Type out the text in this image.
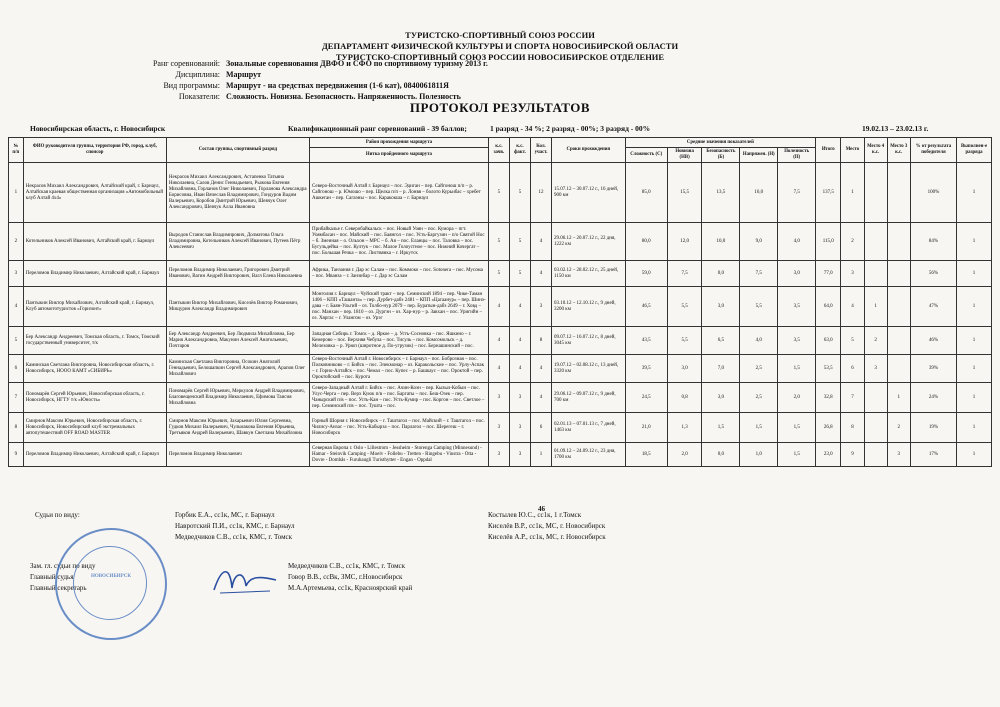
ТУРИСТСКО-СПОРТИВНЫЙ СОЮЗ РОССИИ
ДЕПАРТАМЕНТ ФИЗИЧЕСКОЙ КУЛЬТУРЫ И СПОРТА НОВОСИБИРСКОЙ ОБЛАСТИ
ТУРИСТСКО-СПОРТИВНЫЙ СОЮЗ РОССИИ НОВОСИБИРСКОЕ ОТДЕЛЕНИЕ
Ранг соревнований: Зональные соревнования ДВФО и СФО по спортивному туризму 2013 г.
Дисциплина: Маршрут
Вид программы: Маршрут - на средствах передвижения (1-6 кат), 0840061811Я
Показатели: Сложность. Новизна. Безопасность. Напряженность. Полезность
ПРОТОКОЛ РЕЗУЛЬТАТОВ
Новосибирская область, г. Новосибирск	Квалификационный ранг соревнований - 39 баллов;	1 разряд - 34 %; 2 разряд - 00%; 3 разряд - 00%	19.02.13 – 23.02.13 г.
№ п/п	ФИО руководителя группы, территория РФ, город, клуб, спонсор	Состав группы, спортивный разряд	Район прохождения маршрута	к.с. зачв.	к.с. факт.	Кол. участ.	Сроки прохождения	Средние значения показателей					Итого	Место	Место 4 к.с.	Место 3 к.с.	% от результата победителя	Выполнен-е разряда
			Нитка пройденного маршрута					Сложность (С)	Новизна (НВ)	Безопасность (Б)	Напряжен. (Н)	Полезность (П)						
1	Некрасов Михаил Александрович, Алтайский край, г. Барнаул, Алтайская краевая общественная организация «Автомобильный клуб Алтай 4х4»	Некрасов Михаил Александрович, Астапенко Татьяна Николаевна, Салов Денис Геннадьевич, Рыжова Евгения Михайловна, Горланов Олег Николаевич, Горланова Александра Борисовна, Иван Вячеслав Владимирович, Гондуров Вадим Валерьевич, Коробов Дмитрий Юрьевич, Шевчук Олег Александрович, Шевчук Алла Ивановна	Северо-Восточный Алтай г. Барнаул – пос. Эдиган – пер. Сайгонош п/п – р. Сайгонош – р. Юмошо – пер. Щелка п/п – р. Лонвя – болото Курьибас – хребет Ашкеган – пер. Сагаэны – пос. Каракокша – г. Барнаул	5	5	12	15.07.12 – 30.07.12 г., 16 дней, 900 км	85,0	15,5	13,5	16,0	7,5	137,5	1			100%	1
2	Котельников Алексей Иванович, Алтайский край, г. Барнаул	Выродов Станислав Владимирович, Долматова Ольга Владимировна, Котельников Алексей Иванович, Путеев Пётр Алексеевич	Прибайкалье г. Северобайкальск – пос. Новый Уоян – пос. Кумора – пгт. Уоямбасан – пос. Майский – пос. Баянгол – пос. Усть-Баргузин – п/о Святой Нос – б. Змеиная – о. Ольхон – МРС – б. Ая – пос. Еланцы – пос. Таловка – пос. Бугульдейка – пос. Култук – пос. Малое Голоустное – пос. Нижний Кочергат – пос. Большая Речка – пос. Листвянка – г. Иркутск	5	5	4	29.06.12 – 20.07.12 г., 22 дня, 1222 км	80,0	12,0	10,0	9,0	4,0	115,0	2			84%	1
3	Переломов Владимир Николаевич, Алтайский край, г. Барнаул	Переломов Владимир Николаевич, Григорович Дмитрий Иванович, Вагин Андрей Викторович, Вагл Елена Николаевна	Африка, Танзания г. Дар эс Салам – пос. Коммоко – пос. Sotonera – пос. Мусома – пос. Мванза – г. Занзибар – г. Дар эс Салам	5	5	4	03.02.12 – 28.02.12 г., 25 дней, 1150 км	59,0	7,5	0,0	7,5	3,0	77,0	3			56%	1
4	Пантыкин Виктор Михайлович, Алтайский край, г. Барнаул, Клуб автомототуристов «Горизонт»	Пантыкин Виктор Михайлович, Киселёв Виктор Романович, Мищурин Александр Владимирович	Монголия г. Барнаул – Чуйский тракт – пер. Семинский 1894 – пер. Чике-Таман 1406 – КПП «Ташанта» – пер. Дурбет-дабэ 2481 – КПП «Цагаанур» – пер. Шинэ-дава – г. Баян-Ульгий – оз. Толбо-нур 2079 – пер. Буратын-дабэ 2649 – г. Ховд – пос. Манхан – пер. 1810 – оз. Дургэн – оз. Хар-нур – р. Завхан – пос. Уригийн – оз. Хяргас – г. Улангом – оз. Урэг	4	4	3	03.10.12 – 12.10.12 г., 9 дней, 3200 км	46,5	5,5	3,0	5,5	3,5	64,0	4	1		47%	1
5	Бер Александр Андреевич, Томская область, г. Томск, Томский государственный университет, т/к	Бер Александр Андреевич, Бер Людмила Михайловна, Бер Мария Александровна, Макунин Алексей Анатольевич, Почтаров	Западная Сибирь г. Томск – д. Яркое – д. Усть-Сосновка – пос. Яшкино – г. Кемерово – пос. Верхняя Чебула – пос. Тисуль – пос. Комсомольск – д. Мелеховка – р. Урюп (широтное д. По-угрузик) – пос. Бернашинский – пос.	4	4	8	09.07.12 – 16.07.12 г., 8 дней, 3045 км	43,5	5,5	6,5	4,0	3,5	63,0	5	2		46%	1
6	Каминская Светлана Викторовна, Новосибирская область, г. Новосибирск, НООО КАМТ «СИБИРЬ»	Каминская Светлана Викторовна, Осокин Анатолий Геннадьевич, Белошапкин Сергей Александрович, Арапов Олег Михайлович	Северо-Восточный Алтай г. Новосибирск – г. Барнаул – пос. Боброзная – пос. Полковниково – г. Бийск – пос. Элекмонар – оз. Каракольские – пос. Урлу-Аспак – г. Горно-Алтайск – пос. Чемал – пос. Купес – р. Башкаус – пос. Ороктой – пер. Ороктойский – пос. Курота	4	4	4	19.07.12 – 02.08.12 г., 13 дней, 3320 км	39,5	3,0	7,0	2,5	1,5	53,5	6	3		39%	1
7	Пономарёв Сергей Юрьевич, Новосибирская область, г. Новосибирск, НГТУ т/к «Юность»	Пономарёв Сергей Юрьевич, Меркулов Андрей Владимирович, Благовещенский Владимир Николаевич, Ефимова Таисия Михайловна	Северо-Западный Алтай г. Бийск – пос. Ачин-Коэн – пер. Кызыл-Кобын – пос. Улус-Черга – пер. Верх Куюк п/в – пос. Баргаты – пос. Беш-Озек – пер. Чанырский п/в – пос. Усть-Кан – пос. Усть-Кумир – пос. Коргон – пос. Светлое – пер. Семинский п/в – пос. Тушта – пос.	3	3	4	29.06.12 – 09.07.12 г., 9 дней, 700 км	24,5	0,8	3,0	2,5	2,0	32,8	7		1	24%	1
8	Смирнов Максим Юрьевич, Новосибирская область, г. Новосибирск, Новосибирский клуб экстремальных автопутешествий OFF ROAD MASTER	Смирнов Максим Юрьевич, Захарьевич Юлия Сергеевна, Гудков Михаил Валерьевич, Чульмакова Евгения Юрьевна, Третьяков Андрей Валерьевич, Шавкун Светлана Михайловна	Горный Шория г. Новосибирск – г. Таштагол – пос. Майский – г. Таштагол – пос. Чилису-Анзас – пос. Усть-Кабырза – пос. Парлагол – пос. Шерегеш – г. Новосибирск	3	3	6	02.01.13 – 07.01.13 г., 7 дней, 1463 км	21,0	1,3	1,5	1,5	1,5	26,8	8		2	19%	1
9	Переломов Владимир Николаевич, Алтайский край, г. Барнаул	Переломов Владимир Николаевич	Северная Европа г. Oslo - Lillestrom - Jessheim - Storenga Camping (Minnesund) - Hamar - Steinvik Camping - Moelv - Follebu - Tretten - Ringebu - Vinstra - Otta - Dovre - Dombås - Furuhaugli Turisthytter - Engan - Oppdal	3	3	1	01.09.12 – 24.09.12 г., 23 дня, 1700 км	18,5	2,0	0,0	1,0	1,5	23,0	9		3	17%	1
46
Судьи по виду:	Горбик Е.А., сс1к, МС, г. Барнаул
Навротский П.И., сс1к, КМС, г. Барнаул
Медведчиков С.В., сс1к, КМС, г. Томск
Костылев Ю.С., сс1к, 1 г.Томск
Киселёв В.Р., сс1к, МС, г. Новосибирск
Киселёв А.Р., сс1к, МС, г. Новосибирск
Зам. гл. судьи по виду
Главный судья
Главный секретарь
Медведчиков С.В., сс1к, КМС, г. Томск
Говор В.В., ссВк, ЗМС, г.Новосибирск
М.А.Артемьева, сс1к, Красноярский край
НОВОСИБИРСК
